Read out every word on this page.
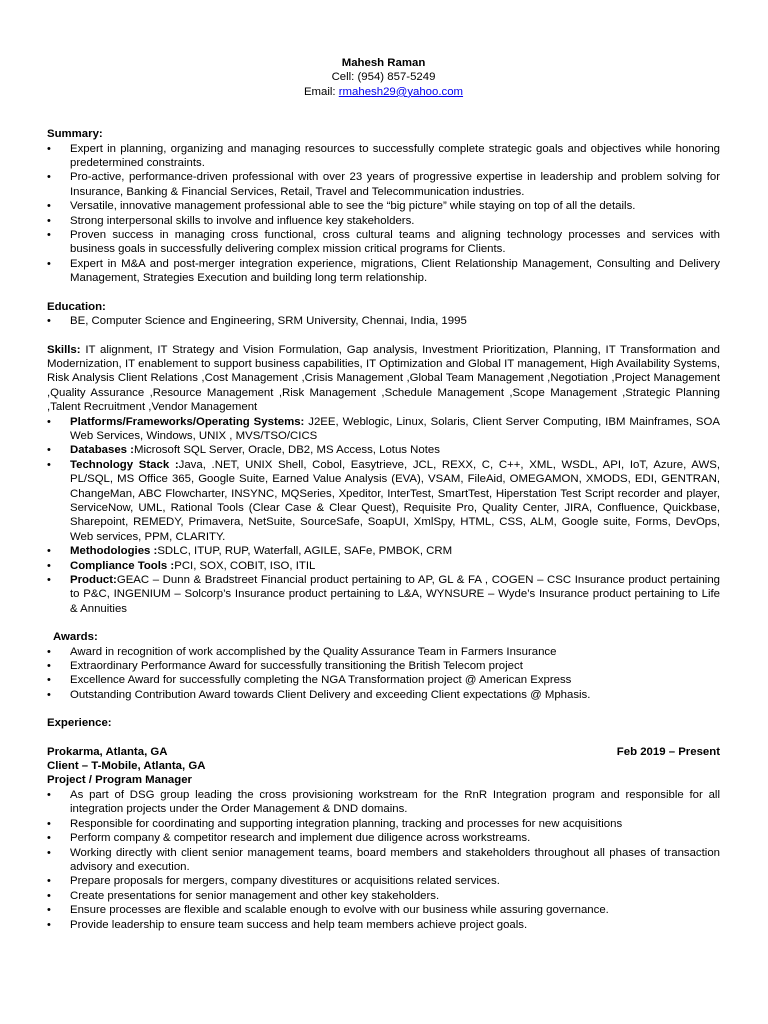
Mahesh Raman
Cell: (954) 857-5249
Email: rmahesh29@yahoo.com
Summary:
• Expert in planning, organizing and managing resources to successfully complete strategic goals and objectives while honoring predetermined constraints.
• Pro-active, performance-driven professional with over 23 years of progressive expertise in leadership and problem solving for Insurance, Banking & Financial Services, Retail, Travel and Telecommunication industries.
• Versatile, innovative management professional able to see the “big picture” while staying on top of all the details.
• Strong interpersonal skills to involve and influence key stakeholders.
• Proven success in managing cross functional, cross cultural teams and aligning technology processes and services with business goals in successfully delivering complex mission critical programs for Clients.
• Expert in M&A and post-merger integration experience, migrations, Client Relationship Management, Consulting and Delivery Management, Strategies Execution and building long term relationship.
Education:
• BE, Computer Science and Engineering, SRM University, Chennai, India, 1995
Skills: IT alignment, IT Strategy and Vision Formulation, Gap analysis, Investment Prioritization, Planning, IT Transformation and Modernization, IT enablement to support business capabilities, IT Optimization and Global IT management, High Availability Systems, Risk Analysis Client Relations ,Cost Management ,Crisis Management ,Global Team Management ,Negotiation ,Project Management ,Quality Assurance ,Resource Management ,Risk Management ,Schedule Management ,Scope Management ,Strategic Planning ,Talent Recruitment ,Vendor Management
• Platforms/Frameworks/Operating Systems: J2EE, Weblogic, Linux, Solaris, Client Server Computing, IBM Mainframes, SOA Web Services, Windows, UNIX , MVS/TSO/CICS
• Databases :Microsoft SQL Server, Oracle, DB2, MS Access, Lotus Notes
• Technology Stack :Java, .NET, UNIX Shell, Cobol, Easytrieve, JCL, REXX, C, C++, XML, WSDL, API, IoT, Azure, AWS, PL/SQL, MS Office 365, Google Suite, Earned Value Analysis (EVA), VSAM, FileAid, OMEGAMON, XMODS, EDI, GENTRAN, ChangeMan, ABC Flowcharter, INSYNC, MQSeries, Xpeditor, InterTest, SmartTest, Hiperstation Test Script recorder and player, ServiceNow, UML, Rational Tools (Clear Case & Clear Quest), Requisite Pro, Quality Center, JIRA, Confluence, Quickbase, Sharepoint, REMEDY, Primavera, NetSuite, SourceSafe, SoapUI, XmlSpy, HTML, CSS, ALM, Google suite, Forms, DevOps, Web services, PPM, CLARITY.
• Methodologies :SDLC, ITUP, RUP, Waterfall, AGILE, SAFe, PMBOK, CRM
• Compliance Tools :PCI, SOX, COBIT, ISO, ITIL
• Product:GEAC – Dunn & Bradstreet Financial product pertaining to AP, GL & FA , COGEN – CSC Insurance product pertaining to P&C, INGENIUM – Solcorp’s Insurance product pertaining to L&A, WYNSURE – Wyde’s Insurance product pertaining to Life & Annuities
Awards:
• Award in recognition of work accomplished by the Quality Assurance Team in Farmers Insurance
• Extraordinary Performance Award for successfully transitioning the British Telecom project
• Excellence Award for successfully completing the NGA Transformation project @ American Express
• Outstanding Contribution Award towards Client Delivery and exceeding Client expectations @ Mphasis.
Experience:
Prokarma, Atlanta, GA	Feb 2019 – Present
Client – T-Mobile, Atlanta, GA
Project / Program Manager
• As part of DSG group leading the cross provisioning workstream for the RnR Integration program and responsible for all integration projects under the Order Management & DND domains.
• Responsible for coordinating and supporting integration planning, tracking and processes for new acquisitions
• Perform company & competitor research and implement due diligence across workstreams.
• Working directly with client senior management teams, board members and stakeholders throughout all phases of transaction advisory and execution.
• Prepare proposals for mergers, company divestitures or acquisitions related services.
• Create presentations for senior management and other key stakeholders.
• Ensure processes are flexible and scalable enough to evolve with our business while assuring governance.
• Provide leadership to ensure team success and help team members achieve project goals.
